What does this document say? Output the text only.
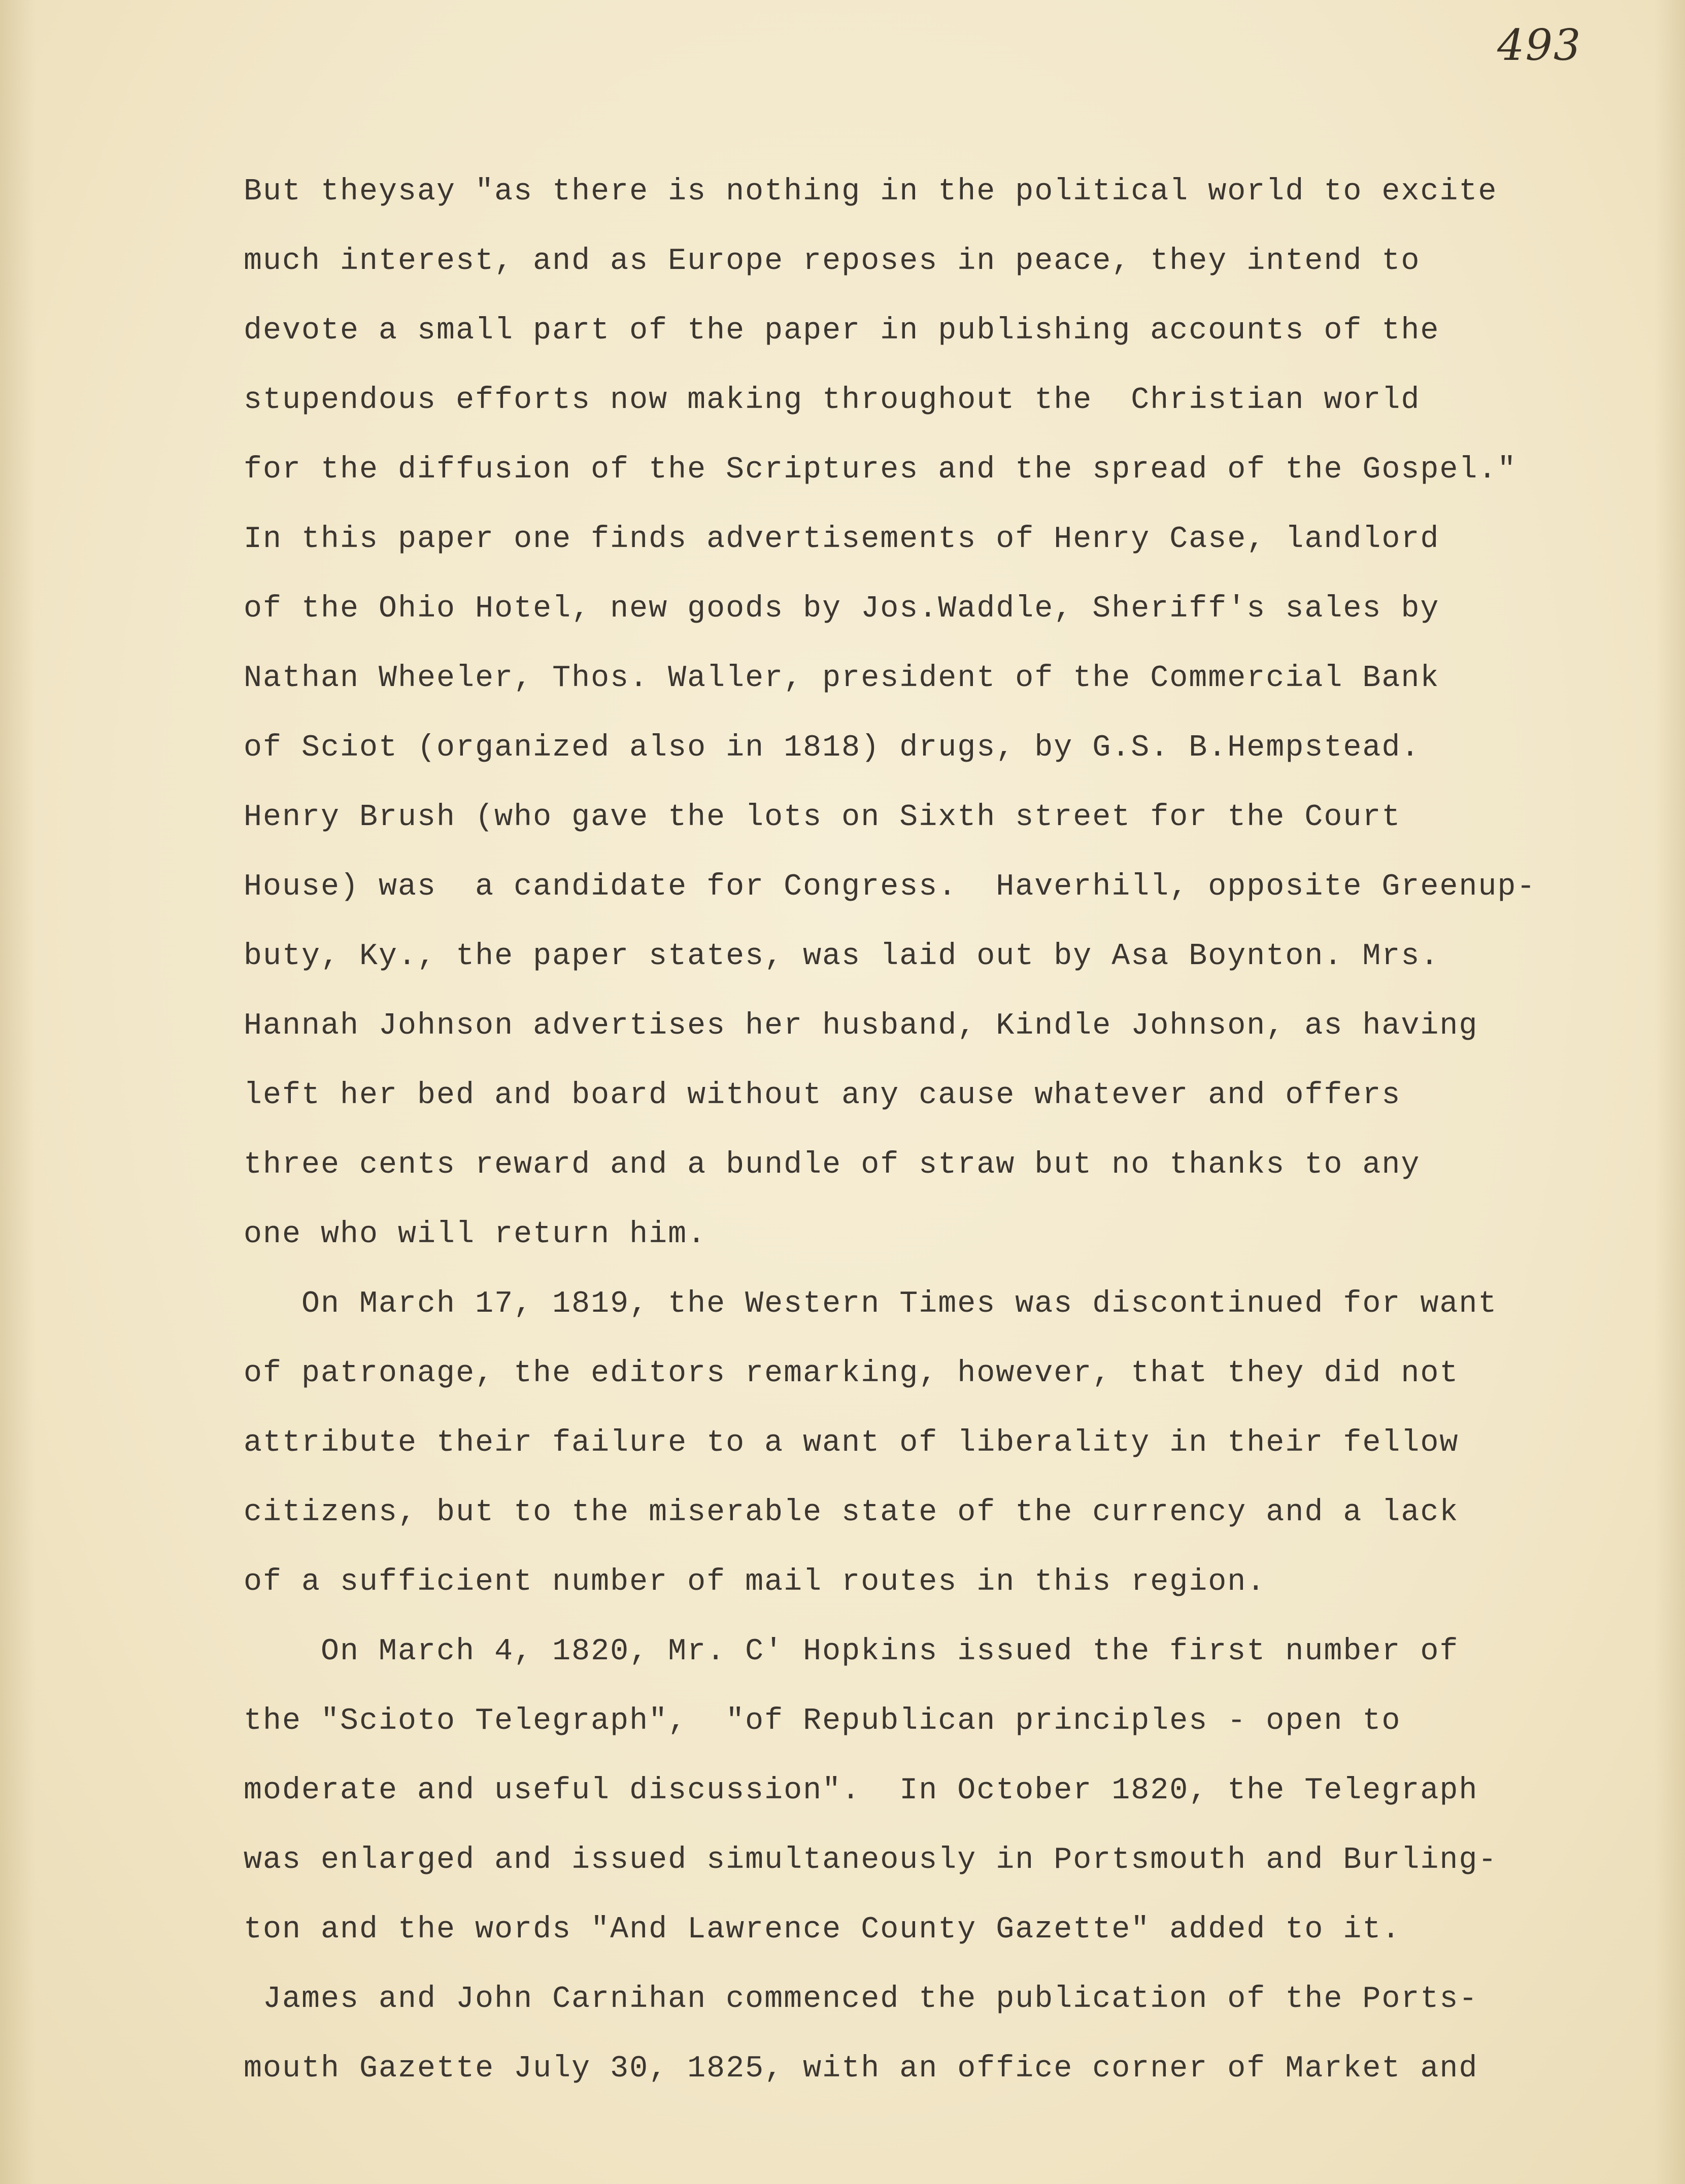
493
But theysay "as there is nothing in the political world to excite
much interest, and as Europe reposes in peace, they intend to
devote a small part of the paper in publishing accounts of the
stupendous efforts now making throughout the  Christian world
for the diffusion of the Scriptures and the spread of the Gospel."
In this paper one finds advertisements of Henry Case, landlord
of the Ohio Hotel, new goods by Jos.Waddle, Sheriff's sales by
Nathan Wheeler, Thos. Waller, president of the Commercial Bank
of Sciot (organized also in 1818) drugs, by G.S. B.Hempstead.
Henry Brush (who gave the lots on Sixth street for the Court
House) was  a candidate for Congress.  Haverhill, opposite Greenup-
buty, Ky., the paper states, was laid out by Asa Boynton. Mrs.
Hannah Johnson advertises her husband, Kindle Johnson, as having
left her bed and board without any cause whatever and offers
three cents reward and a bundle of straw but no thanks to any
one who will return him.
On March 17, 1819, the Western Times was discontinued for want
of patronage, the editors remarking, however, that they did not
attribute their failure to a want of liberality in their fellow
citizens, but to the miserable state of the currency and a lack
of a sufficient number of mail routes in this region.
On March 4, 1820, Mr. C' Hopkins issued the first number of
the "Scioto Telegraph",  "of Republican principles - open to
moderate and useful discussion".  In October 1820, the Telegraph
was enlarged and issued simultaneously in Portsmouth and Burling-
ton and the words "And Lawrence County Gazette" added to it.
James and John Carnihan commenced the publication of the Ports-
mouth Gazette July 30, 1825, with an office corner of Market and
